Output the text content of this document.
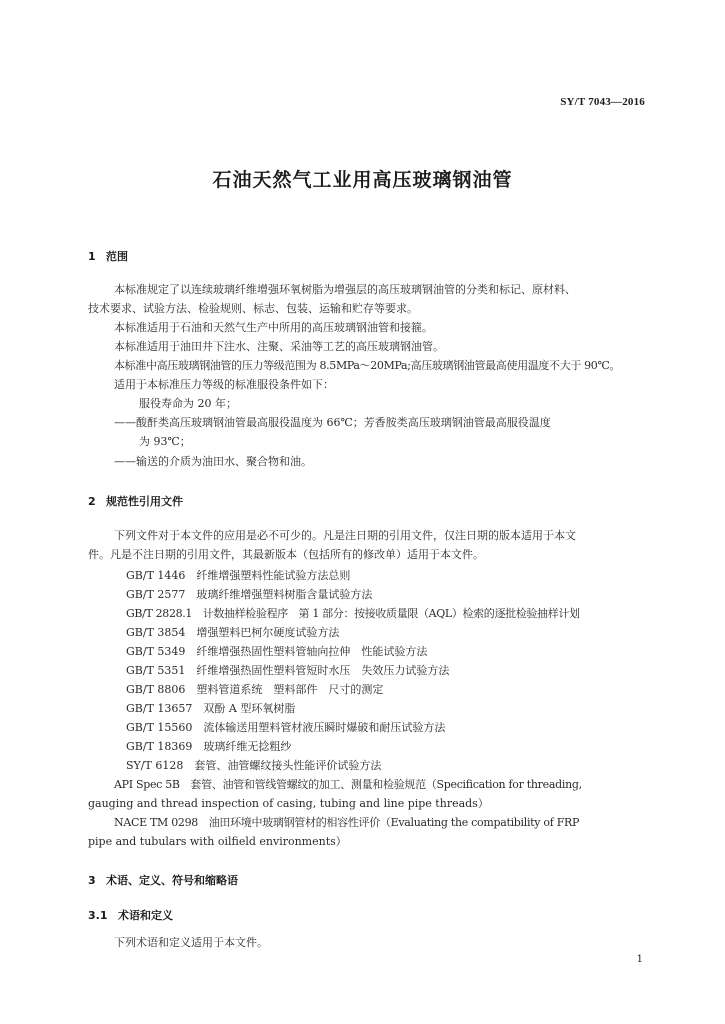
SY/T 7043—2016
石油天然气工业用高压玻璃钢油管
1 范围
本标准规定了以连续玻璃纤维增强环氧树脂为增强层的高压玻璃钢油管的分类和标记、原材料、
技术要求、试验方法、检验规则、标志、包装、运输和贮存等要求。
本标准适用于石油和天然气生产中所用的高压玻璃钢油管和接箍。
本标准适用于油田井下注水、注聚、采油等工艺的高压玻璃钢油管。
本标准中高压玻璃钢油管的压力等级范围为 8.5MPa～20MPa;高压玻璃钢油管最高使用温度不大于 90℃。
适用于本标准压力等级的标准服役条件如下：
服役寿命为 20 年；
——酸酐类高压玻璃钢油管最高服役温度为 66℃；芳香胺类高压玻璃钢油管最高服役温度
为 93℃；
——输送的介质为油田水、聚合物和油。
2 规范性引用文件
下列文件对于本文件的应用是必不可少的。凡是注日期的引用文件，仅注日期的版本适用于本文
件。凡是不注日期的引用文件，其最新版本（包括所有的修改单）适用于本文件。
GB/T 1446　纤维增强塑料性能试验方法总则
GB/T 2577　玻璃纤维增强塑料树脂含量试验方法
GB/T 2828.1　计数抽样检验程序　第 1 部分：按接收质量限（AQL）检索的逐批检验抽样计划
GB/T 3854　增强塑料巴柯尔硬度试验方法
GB/T 5349　纤维增强热固性塑料管轴向拉伸　性能试验方法
GB/T 5351　纤维增强热固性塑料管短时水压　失效压力试验方法
GB/T 8806　塑料管道系统　塑料部件　尺寸的测定
GB/T 13657　双酚 A 型环氧树脂
GB/T 15560　流体输送用塑料管材液压瞬时爆破和耐压试验方法
GB/T 18369　玻璃纤维无捻粗纱
SY/T 6128　套管、油管螺纹接头性能评价试验方法
API Spec 5B　套管、油管和管线管螺纹的加工、测量和检验规范（Specification for threading,
gauging and thread inspection of casing, tubing and line pipe threads）
NACE TM 0298　油田环境中玻璃钢管材的相容性评价（Evaluating the compatibility of FRP
pipe and tubulars with oilfield environments）
3 术语、定义、符号和缩略语
3.1 术语和定义
下列术语和定义适用于本文件。
1
